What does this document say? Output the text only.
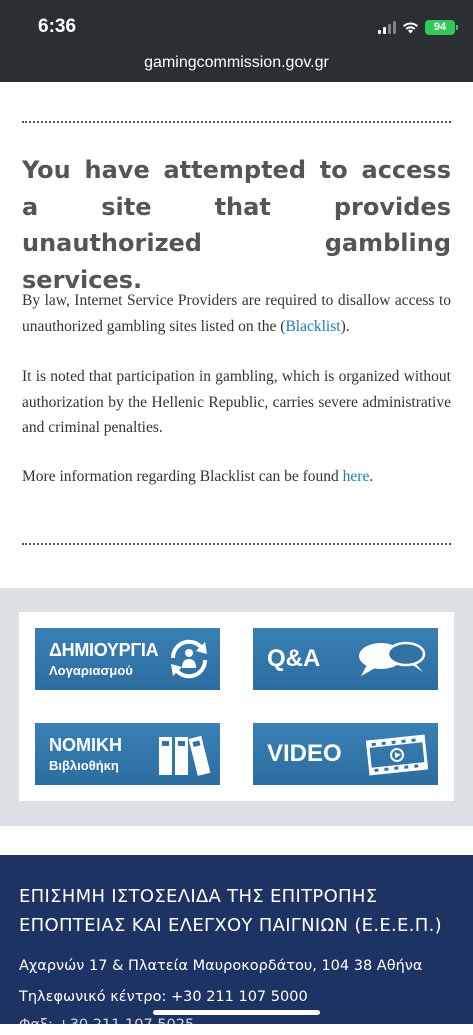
6:36	94
gamingcommission.gov.gr
You have attempted to access a site that provides unauthorized gambling services.

By law, Internet Service Providers are required to disallow access to unauthorized gambling sites listed on the (Blacklist).

It is noted that participation in gambling, which is organized without authorization by the Hellenic Republic, carries severe administrative and criminal penalties.

More information regarding Blacklist can be found here.

ΔΗΜΙΟΥΡΓΙΑ
Λογαριασμού	Q&A
ΝΟΜΙΚΗ
Βιβλιοθήκη	VIDEO
ΕΠΙΣΗΜΗ ΙΣΤΟΣΕΛΙΔΑ ΤΗΣ ΕΠΙΤΡΟΠΗΣ ΕΠΟΠΤΕΙΑΣ ΚΑΙ ΕΛΕΓΧΟΥ ΠΑΙΓΝΙΩΝ (Ε.Ε.Ε.Π.)
Αχαρνών 17 & Πλατεία Μαυροκορδάτου, 104 38 Αθήνα
Τηλεφωνικό κέντρο: +30 211 107 5000
Φαξ: +30 211 107 5025
